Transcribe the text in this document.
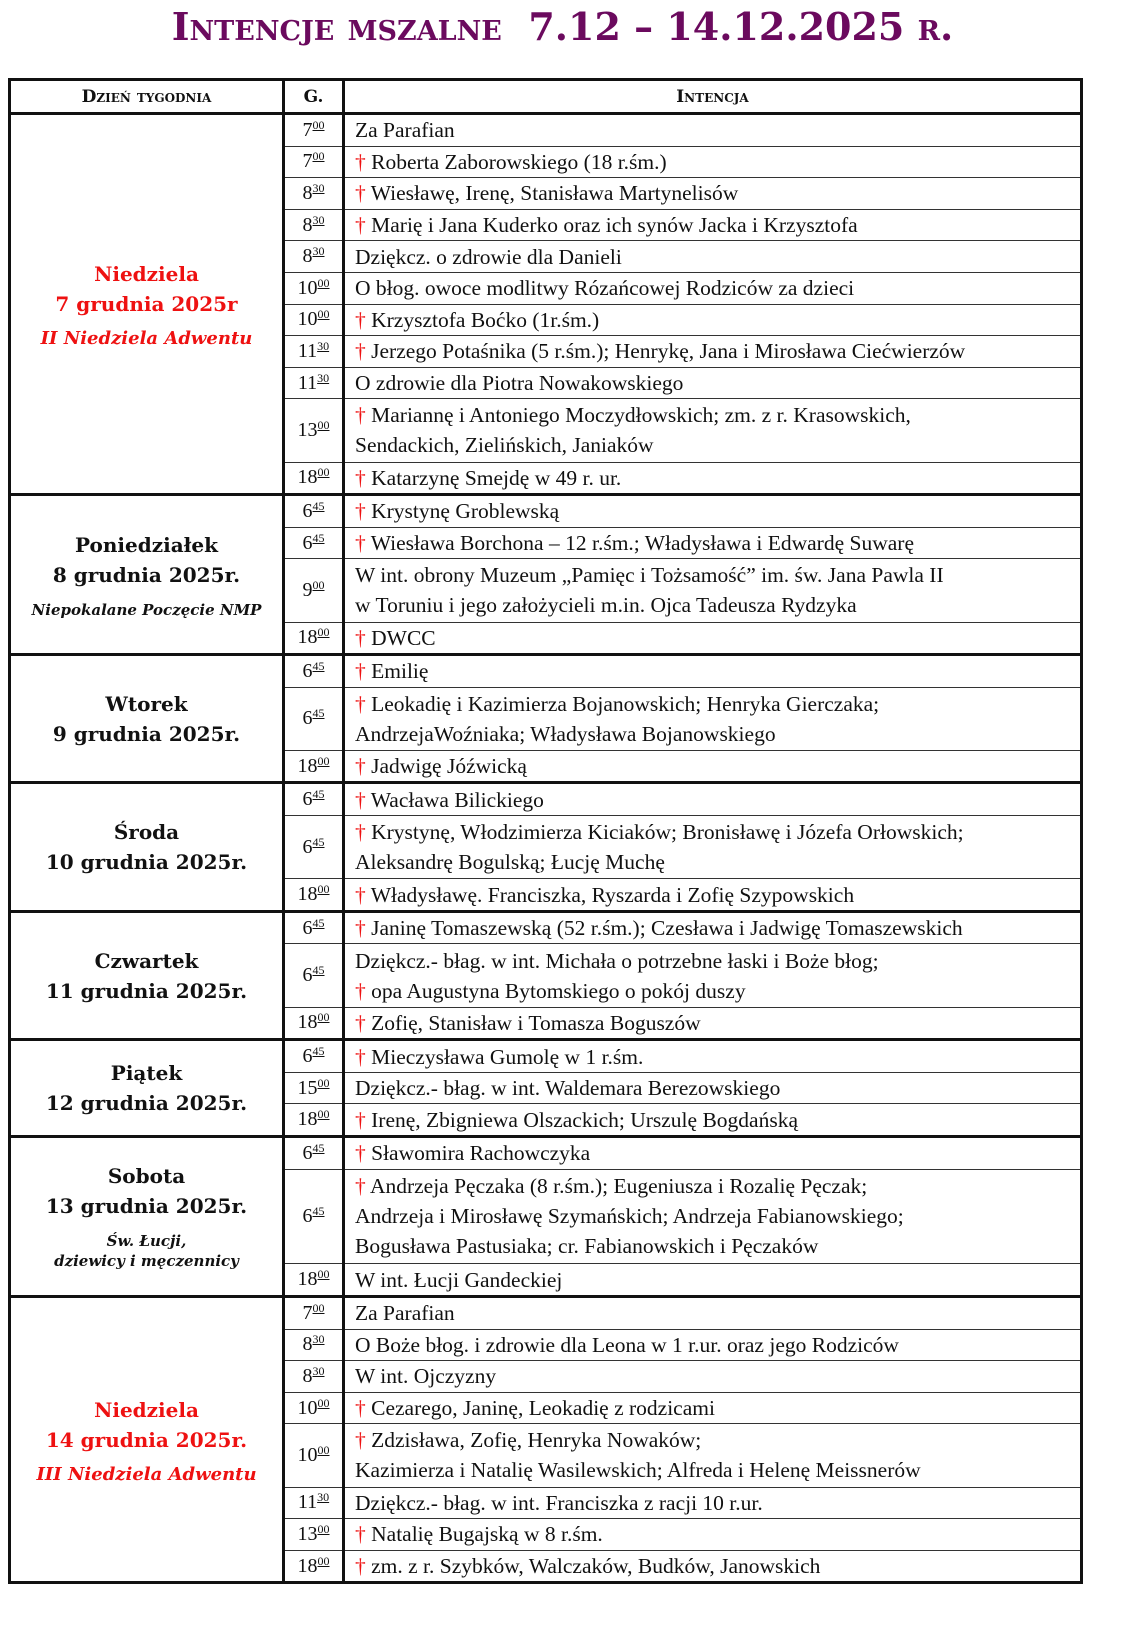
Intencje mszalne 7.12 – 14.12.2025 r.
Dzień tygodnia	G.	Intencja

Niedziela
7 grudnia 2025r
II Niedziela Adwentu	$7^{00}$	Za Parafian

	$7^{00}$	† Roberta Zaborowskiego (18 r.śm.)

	$8^{30}$	† Wiesławę, Irenę, Stanisława Martynelisów

	$8^{30}$	† Marię i Jana Kuderko oraz ich synów Jacka i Krzysztofa

	$8^{30}$	Dziękcz. o zdrowie dla Danieli

	$10^{00}$	O błog. owoce modlitwy Rózańcowej Rodziców za dzieci

	$10^{00}$	† Krzysztofa Boćko (1r.śm.)

	$11^{30}$	† Jerzego Potaśnika (5 r.śm.); Henrykę, Jana i Mirosława Ciećwierzów

	$11^{30}$	O zdrowie dla Piotra Nowakowskiego

	$13^{00}$	† Mariannę i Antoniego Moczydłowskich; zm. z r. Krasowskich,
Sendackich, Zielińskich, Janiaków

	$18^{00}$	† Katarzynę Smejdę w 49 r. ur.

Poniedziałek
8 grudnia 2025r.
Niepokalane Poczęcie NMP	$6^{45}$	† Krystynę Groblewską

	$6^{45}$	† Wiesława Borchona – 12 r.śm.; Władysława i Edwardę Suwarę

	$9^{00}$	W int. obrony Muzeum „Pamięc i Tożsamość” im. św. Jana Pawla II
w Toruniu i jego założycieli m.in. Ojca Tadeusza Rydzyka

	$18^{00}$	† DWCC

Wtorek
9 grudnia 2025r.	$6^{45}$	† Emilię

	$6^{45}$	† Leokadię i Kazimierza Bojanowskich; Henryka Gierczaka;
AndrzejaWoźniaka; Władysława Bojanowskiego

	$18^{00}$	† Jadwigę Jóźwicką

Środa
10 grudnia 2025r.	$6^{45}$	† Wacława Bilickiego

	$6^{45}$	† Krystynę, Włodzimierza Kiciaków; Bronisławę i Józefa Orłowskich;
Aleksandrę Bogulską; Łucję Muchę

	$18^{00}$	† Władysławę. Franciszka, Ryszarda i Zofię Szypowskich

Czwartek
11 grudnia 2025r.	$6^{45}$	† Janinę Tomaszewską (52 r.śm.); Czesława i Jadwigę Tomaszewskich

	$6^{45}$	Dziękcz.- błag. w int. Michała o potrzebne łaski i Boże błog;
† opa Augustyna Bytomskiego o pokój duszy

	$18^{00}$	† Zofię, Stanisław i Tomasza Boguszów

Piątek
12 grudnia 2025r.	$6^{45}$	† Mieczysława Gumolę w 1 r.śm.

	$15^{00}$	Dziękcz.- błag. w int. Waldemara Berezowskiego

	$18^{00}$	† Irenę, Zbigniewa Olszackich; Urszulę Bogdańską

Sobota
13 grudnia 2025r.
Św. Łucji,
dziewicy i męczennicy	$6^{45}$	† Sławomira Rachowczyka

	$6^{45}$	† Andrzeja Pęczaka (8 r.śm.); Eugeniusza i Rozalię Pęczak;
Andrzeja i Mirosławę Szymańskich; Andrzeja Fabianowskiego;
Bogusława Pastusiaka; cr. Fabianowskich i Pęczaków

	$18^{00}$	W int. Łucji Gandeckiej

Niedziela
14 grudnia 2025r.
III Niedziela Adwentu	$7^{00}$	Za Parafian

	$8^{30}$	O Boże błog. i zdrowie dla Leona w 1 r.ur. oraz jego Rodziców

	$8^{30}$	W int. Ojczyzny

	$10^{00}$	† Cezarego, Janinę, Leokadię z rodzicami

	$10^{00}$	† Zdzisława, Zofię, Henryka Nowaków;
Kazimierza i Natalię Wasilewskich; Alfreda i Helenę Meissnerów

	$11^{30}$	Dziękcz.- błag. w int. Franciszka z racji 10 r.ur.

	$13^{00}$	† Natalię Bugajską w 8 r.śm.

	$18^{00}$	† zm. z r. Szybków, Walczaków, Budków, Janowskich
